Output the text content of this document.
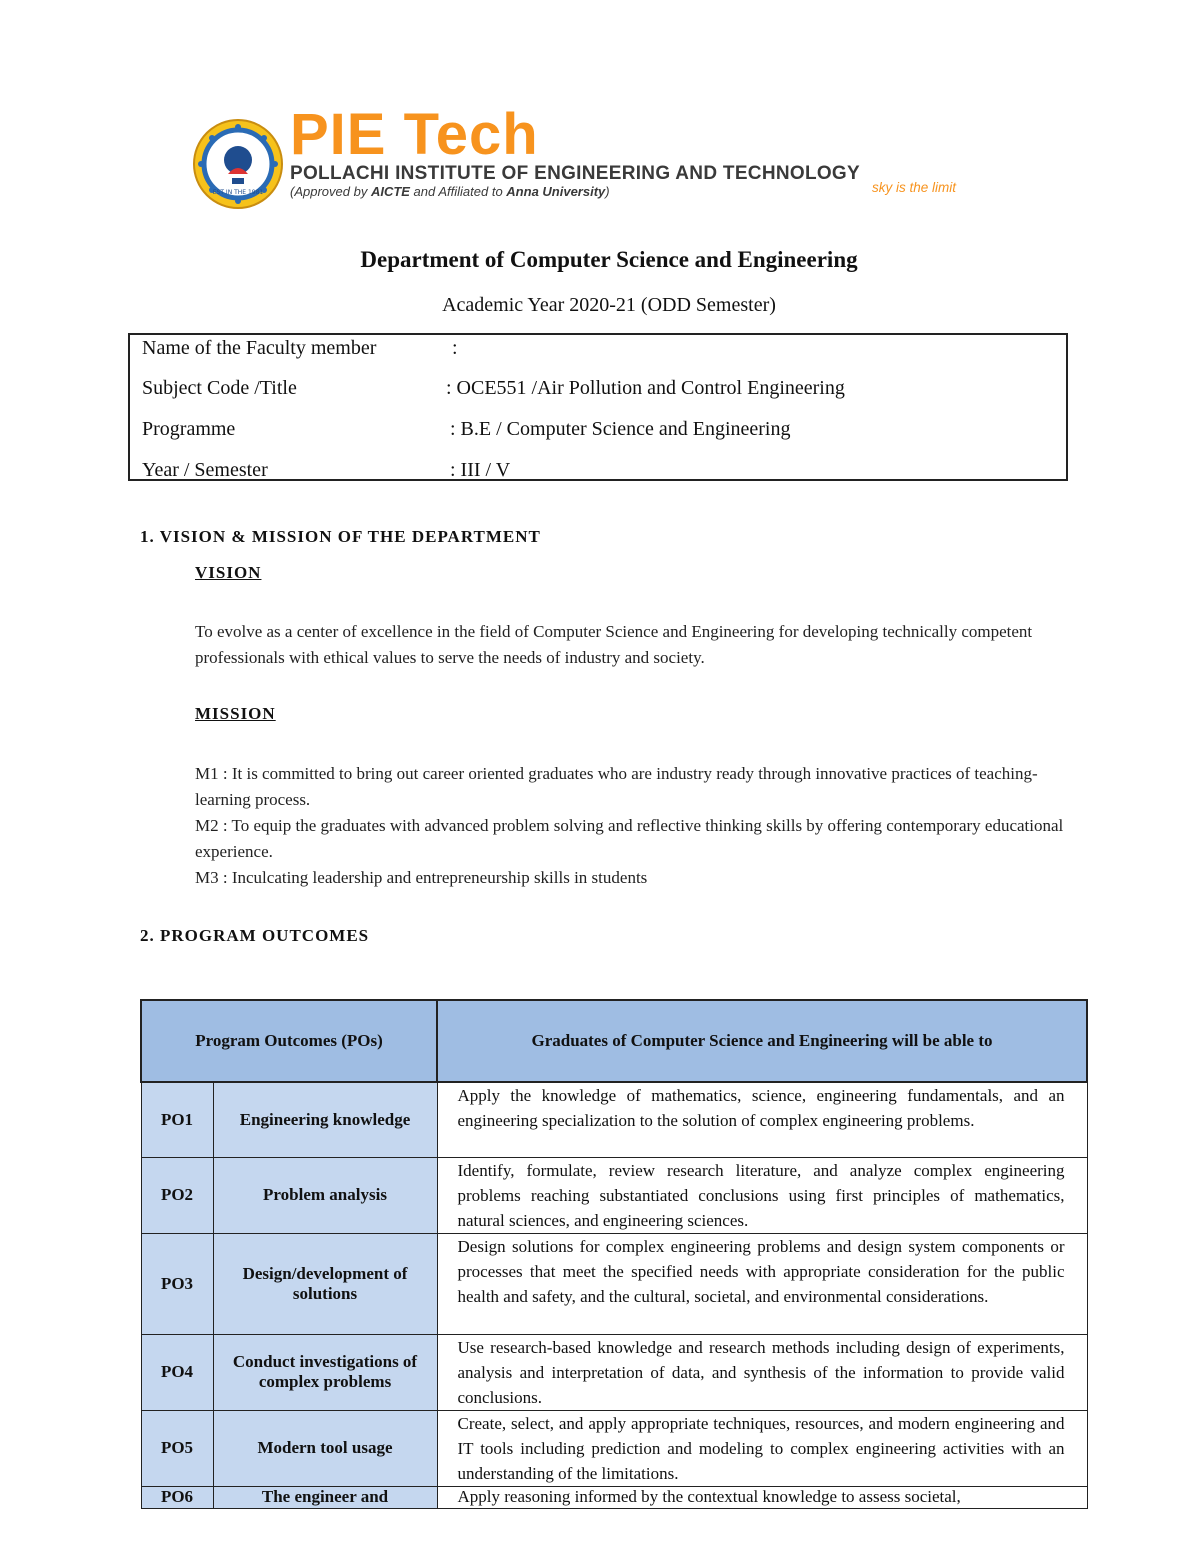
EST IN THE 1981
PIE Tech
POLLACHI INSTITUTE OF ENGINEERING AND TECHNOLOGY
(Approved by AICTE and Affiliated to Anna University)	sky is the limit
Department of Computer Science and Engineering
Academic Year 2020-21 (ODD Semester)
Name of the Faculty member	:
Subject Code /Title	: OCE551 /Air Pollution and Control Engineering
Programme	: B.E / Computer Science and Engineering
Year / Semester	: III / V
1. VISION & MISSION OF THE DEPARTMENT
VISION
To evolve as a center of excellence in the field of Computer Science and Engineering for developing technically competent professionals with ethical values to serve the needs of industry and society.
MISSION
M1 : It is committed to bring out career oriented graduates who are industry ready through innovative practices of teaching-learning process.
M2 : To equip the graduates with advanced problem solving and reflective thinking skills by offering contemporary educational experience.
M3 : Inculcating leadership and entrepreneurship skills in students
2. PROGRAM OUTCOMES
Program Outcomes (POs)		Graduates of Computer Science and Engineering will be able to
PO1	Engineering knowledge	Apply the knowledge of mathematics, science, engineering fundamentals, and an engineering specialization to the solution of complex engineering problems.
PO2	Problem analysis	Identify, formulate, review research literature, and analyze complex engineering problems reaching substantiated conclusions using first principles of mathematics, natural sciences, and engineering sciences.
PO3	Design/development of solutions	Design solutions for complex engineering problems and design system components or processes that meet the specified needs with appropriate consideration for the public health and safety, and the cultural, societal, and environmental considerations.
PO4	Conduct investigations of complex problems	Use research-based knowledge and research methods including design of experiments, analysis and interpretation of data, and synthesis of the information to provide valid conclusions.
PO5	Modern tool usage	Create, select, and apply appropriate techniques, resources, and modern engineering and IT tools including prediction and modeling to complex engineering activities with an understanding of the limitations.
PO6	The engineer and	Apply reasoning informed by the contextual knowledge to assess societal,
